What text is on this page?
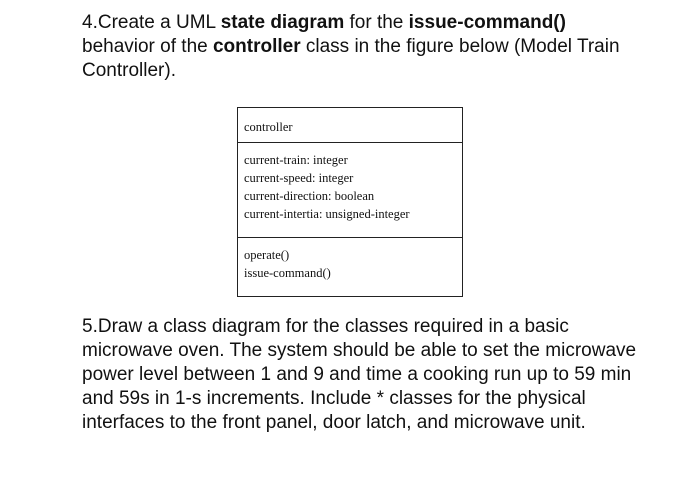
4.Create a UML state diagram for the issue-command() behavior of the controller class in the figure below (Model Train Controller).

controller
current-train: integer
current-speed: integer
current-direction: boolean
current-intertia: unsigned-integer
operate()
issue-command()

5.Draw a class diagram for the classes required in a basic microwave oven. The system should be able to set the microwave power level between 1 and 9 and time a cooking run up to 59 min and 59s in 1-s increments. Include * classes for the physical interfaces to the front panel, door latch, and microwave unit.
